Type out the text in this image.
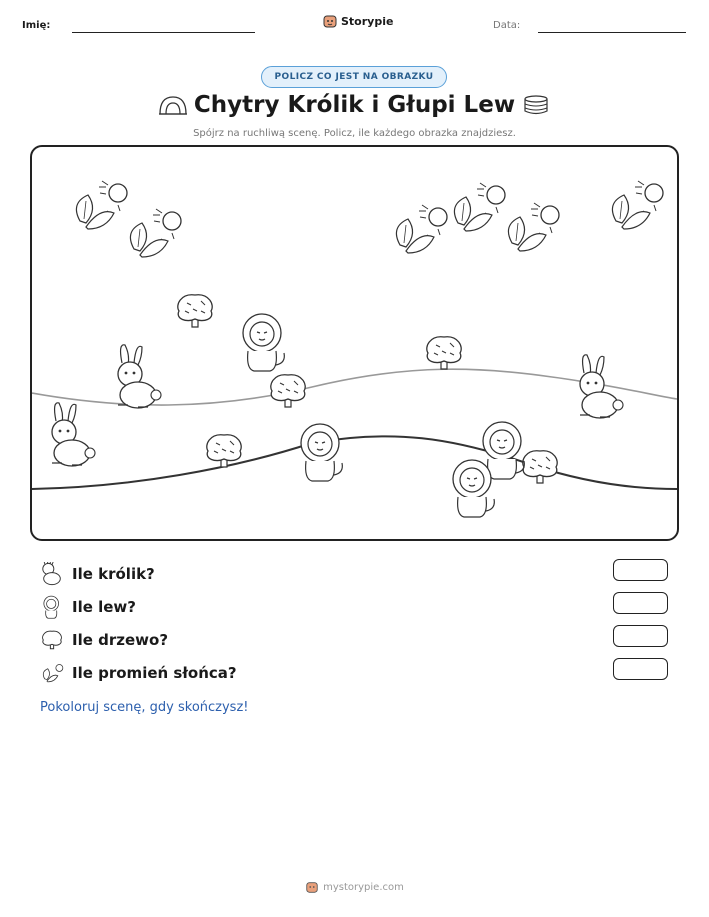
Imię:	Storypie	Data:
POLICZ CO JEST NA OBRAZKU
Chytry Królik i Głupi Lew
Spójrz na ruchliwą scenę. Policz, ile każdego obrazka znajdziesz.
Ile królik?
Ile lew?
Ile drzewo?
Ile promień słońca?
Pokoloruj scenę, gdy skończysz!
mystorypie.com
